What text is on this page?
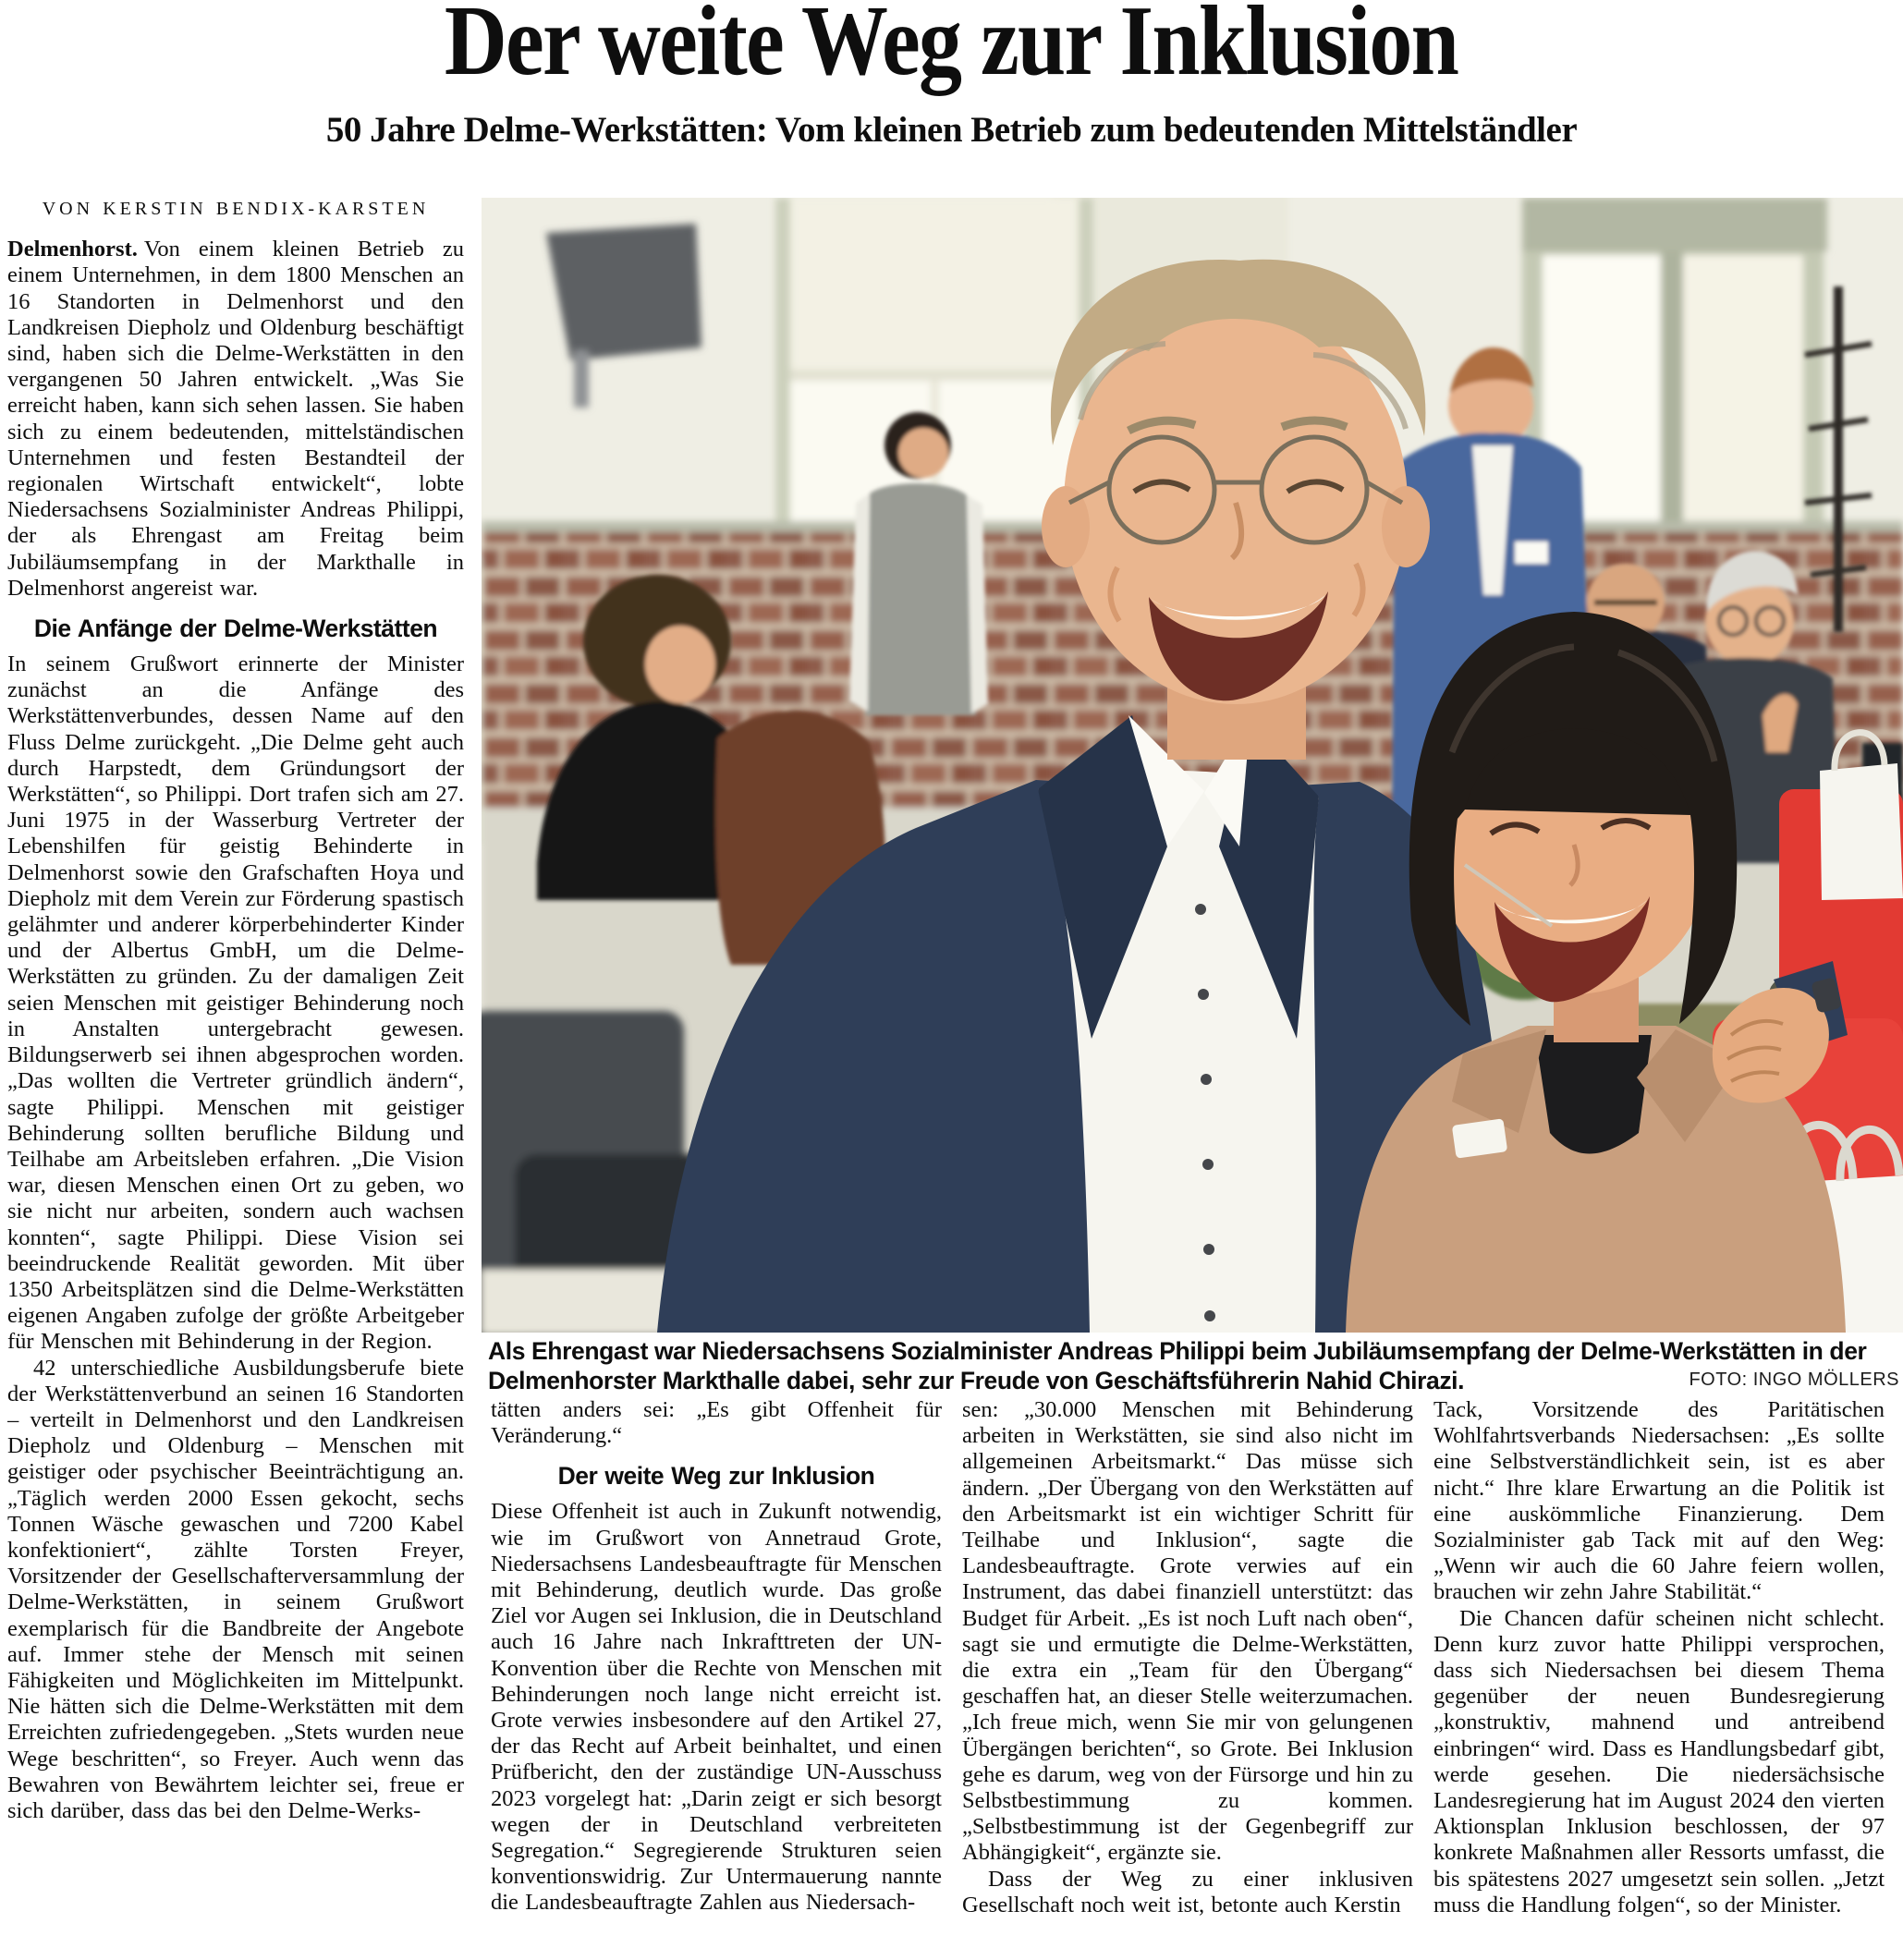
Der weite Weg zur Inklusion
50 Jahre Delme-Werkstätten: Vom kleinen Betrieb zum bedeutenden Mittelständler
VON KERSTIN BENDIX-KARSTEN

Delmenhorst. Von einem kleinen Betrieb zu einem Unternehmen, in dem 1800 Menschen an 16 Standorten in Delmenhorst und den Landkreisen Diepholz und Oldenburg beschäftigt sind, haben sich die Delme-Werkstätten in den vergangenen 50 Jahren entwickelt. „Was Sie erreicht haben, kann sich sehen lassen. Sie haben sich zu einem bedeutenden, mittelständischen Unternehmen und festen Bestandteil der regionalen Wirtschaft entwickelt“, lobte Niedersachsens Sozialminister Andreas Philippi, der als Ehrengast am Freitag beim Jubiläumsempfang in der Markthalle in Delmenhorst angereist war.

Die Anfänge der Delme-Werkstätten

In seinem Grußwort erinnerte der Minister zunächst an die Anfänge des Werkstättenverbundes, dessen Name auf den Fluss Delme zurückgeht. „Die Delme geht auch durch Harpstedt, dem Gründungsort der Werkstätten“, so Philippi. Dort trafen sich am 27. Juni 1975 in der Wasserburg Vertreter der Lebenshilfen für geistig Behinderte in Delmenhorst sowie den Grafschaften Hoya und Diepholz mit dem Verein zur Förderung spastisch gelähmter und anderer körperbehinderter Kinder und der Albertus GmbH, um die Delme-Werkstätten zu gründen. Zu der damaligen Zeit seien Menschen mit geistiger Behinderung noch in Anstalten untergebracht gewesen. Bildungserwerb sei ihnen abgesprochen worden. „Das wollten die Vertreter gründlich ändern“, sagte Philippi. Menschen mit geistiger Behinderung sollten berufliche Bildung und Teilhabe am Arbeitsleben erfahren. „Die Vision war, diesen Menschen einen Ort zu geben, wo sie nicht nur arbeiten, sondern auch wachsen konnten“, sagte Philippi. Diese Vision sei beeindruckende Realität geworden. Mit über 1350 Arbeitsplätzen sind die Delme-Werkstätten eigenen Angaben zufolge der größte Arbeitgeber für Menschen mit Behinderung in der Region.

42 unterschiedliche Ausbildungsberufe biete der Werkstättenverbund an seinen 16 Standorten – verteilt in Delmenhorst und den Landkreisen Diepholz und Oldenburg – Menschen mit geistiger oder psychischer Beeinträchtigung an. „Täglich werden 2000 Essen gekocht, sechs Tonnen Wäsche gewaschen und 7200 Kabel konfektioniert“, zählte Torsten Freyer, Vorsitzender der Gesellschafterversammlung der Delme-Werkstätten, in seinem Grußwort exemplarisch für die Bandbreite der Angebote auf. Immer stehe der Mensch mit seinen Fähigkeiten und Möglichkeiten im Mittelpunkt. Nie hätten sich die Delme-Werkstätten mit dem Erreichten zufriedengegeben. „Stets wurden neue Wege beschritten“, so Freyer. Auch wenn das Bewahren von Bewährtem leichter sei, freue er sich darüber, dass das bei den Delme-Werks-

Als Ehrengast war Niedersachsens Sozialminister Andreas Philippi beim Jubiläumsempfang der Delme-Werkstätten in der Delmenhorster Markthalle dabei, sehr zur Freude von Geschäftsführerin Nahid Chirazi.	FOTO: INGO MÖLLERS

tätten anders sei: „Es gibt Offenheit für Veränderung.“

Der weite Weg zur Inklusion

Diese Offenheit ist auch in Zukunft notwendig, wie im Grußwort von Annetraud Grote, Niedersachsens Landesbeauftragte für Menschen mit Behinderung, deutlich wurde. Das große Ziel vor Augen sei Inklusion, die in Deutschland auch 16 Jahre nach Inkrafttreten der UN-Konvention über die Rechte von Menschen mit Behinderungen noch lange nicht erreicht ist. Grote verwies insbesondere auf den Artikel 27, der das Recht auf Arbeit beinhaltet, und einen Prüfbericht, den der zuständige UN-Ausschuss 2023 vorgelegt hat: „Darin zeigt er sich besorgt wegen der in Deutschland verbreiteten Segregation.“ Segregierende Strukturen seien konventionswidrig. Zur Untermauerung nannte die Landesbeauftragte Zahlen aus Niedersach-

sen: „30.000 Menschen mit Behinderung arbeiten in Werkstätten, sie sind also nicht im allgemeinen Arbeitsmarkt.“ Das müsse sich ändern. „Der Übergang von den Werkstätten auf den Arbeitsmarkt ist ein wichtiger Schritt für Teilhabe und Inklusion“, sagte die Landesbeauftragte. Grote verwies auf ein Instrument, das dabei finanziell unterstützt: das Budget für Arbeit. „Es ist noch Luft nach oben“, sagt sie und ermutigte die Delme-Werkstätten, die extra ein „Team für den Übergang“ geschaffen hat, an dieser Stelle weiterzumachen. „Ich freue mich, wenn Sie mir von gelungenen Übergängen berichten“, so Grote. Bei Inklusion gehe es darum, weg von der Fürsorge und hin zu Selbstbestimmung zu kommen. „Selbstbestimmung ist der Gegenbegriff zur Abhängigkeit“, ergänzte sie.

Dass der Weg zu einer inklusiven Gesellschaft noch weit ist, betonte auch Kerstin

Tack, Vorsitzende des Paritätischen Wohlfahrtsverbands Niedersachsen: „Es sollte eine Selbstverständlichkeit sein, ist es aber nicht.“ Ihre klare Erwartung an die Politik ist eine auskömmliche Finanzierung. Dem Sozialminister gab Tack mit auf den Weg: „Wenn wir auch die 60 Jahre feiern wollen, brauchen wir zehn Jahre Stabilität.“

Die Chancen dafür scheinen nicht schlecht. Denn kurz zuvor hatte Philippi versprochen, dass sich Niedersachsen bei diesem Thema gegenüber der neuen Bundesregierung „konstruktiv, mahnend und antreibend einbringen“ wird. Dass es Handlungsbedarf gibt, werde gesehen. Die niedersächsische Landesregierung hat im August 2024 den vierten Aktionsplan Inklusion beschlossen, der 97 konkrete Maßnahmen aller Ressorts umfasst, die bis spätestens 2027 umgesetzt sein sollen. „Jetzt muss die Handlung folgen“, so der Minister.
